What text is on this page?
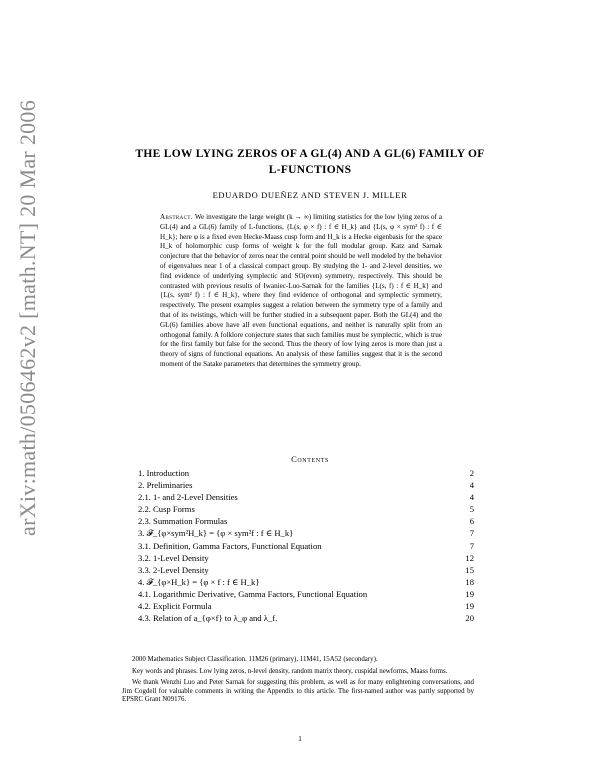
arXiv:math/0506462v2 [math.NT] 20 Mar 2006	THE LOW LYING ZEROS OF A GL(4) AND A GL(6) FAMILY OF
L-FUNCTIONS
EDUARDO DUEÑEZ AND STEVEN J. MILLER
Abstract. We investigate the large weight (k → ∞) limiting statistics for the low lying zeros of a GL(4) and a GL(6) family of L-functions, {L(s, φ × f) : f ∈ H_k} and {L(s, φ × sym² f) : f ∈ H_k}; here φ is a fixed even Hecke-Maass cusp form and H_k is a Hecke eigenbasis for the space H_k of holomorphic cusp forms of weight k for the full modular group. Katz and Sarnak conjecture that the behavior of zeros near the central point should be well modeled by the behavior of eigenvalues near 1 of a classical compact group. By studying the 1- and 2-level densities, we find evidence of underlying symplectic and SO(even) symmetry, respectively. This should be contrasted with previous results of Iwaniec-Luo-Sarnak for the families {L(s, f) : f ∈ H_k} and {L(s, sym² f) : f ∈ H_k}, where they find evidence of orthogonal and symplectic symmetry, respectively. The present examples suggest a relation between the symmetry type of a family and that of its twistings, which will be further studied in a subsequent paper. Both the GL(4) and the GL(6) families above have all even functional equations, and neither is naturally split from an orthogonal family. A folklore conjecture states that such families must be symplectic, which is true for the first family but false for the second. Thus the theory of low lying zeros is more than just a theory of signs of functional equations. An analysis of these families suggest that it is the second moment of the Satake parameters that determines the symmetry group.
Contents
1. Introduction	2
2. Preliminaries	4
2.1. 1- and 2-Level Densities	4
2.2. Cusp Forms	5
2.3. Summation Formulas	6
3. 𝓕_{φ×sym²H_k} = {φ × sym²f : f ∈ H_k}	7
3.1. Definition, Gamma Factors, Functional Equation	7
3.2. 1-Level Density	12
3.3. 2-Level Density	15
4. 𝓕_{φ×H_k} = {φ × f : f ∈ H_k}	18
4.1. Logarithmic Derivative, Gamma Factors, Functional Equation	19
4.2. Explicit Formula	19
4.3. Relation of a_{φ×f} to λ_φ and λ_f.	20
2000 Mathematics Subject Classification. 11M26 (primary), 11M41, 15A52 (secondary).
Key words and phrases. Low lying zeros, n-level density, random matrix theory, cuspidal newforms, Maass forms.
We thank Wenzhi Luo and Peter Sarnak for suggesting this problem, as well as for many enlightening conversations, and Jim Cogdell for valuable comments in writing the Appendix to this article. The first-named author was partly supported by EPSRC Grant N09176.
1
